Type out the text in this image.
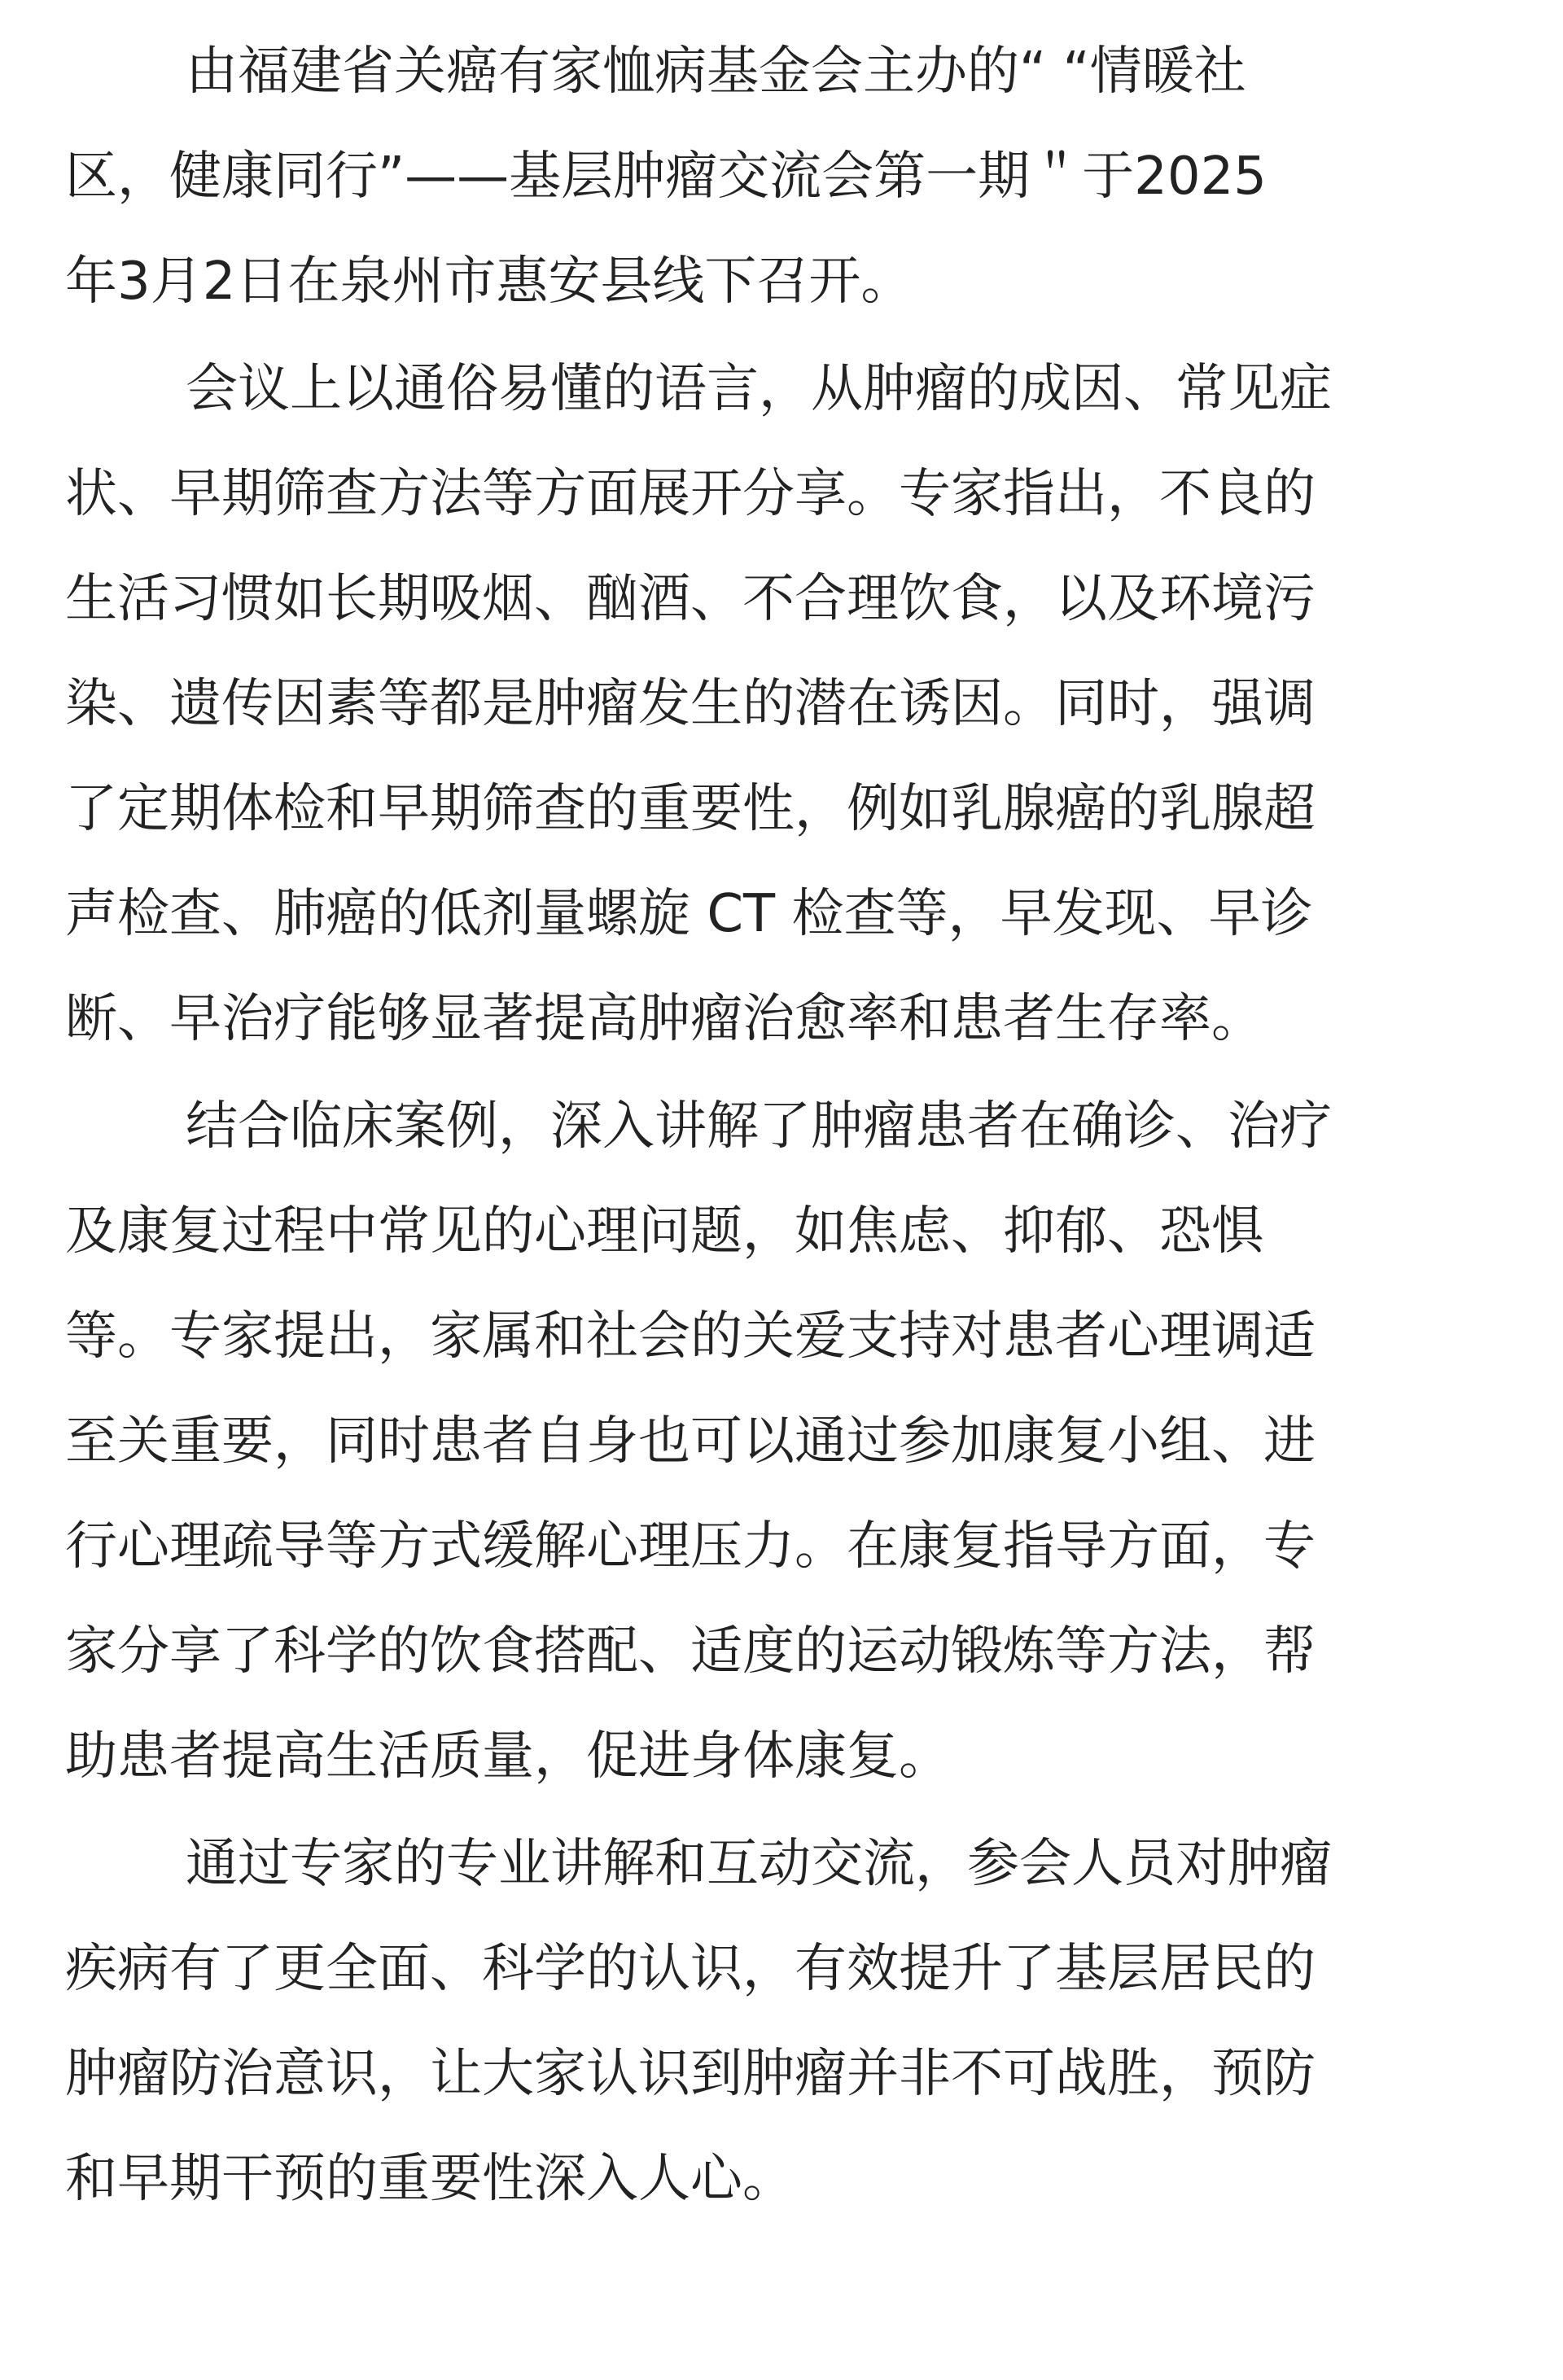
由福建省关癌有家恤病基金会主办的“ “情暖社
区，健康同行”——基层肿瘤交流会第一期＂于2025
年3月2日在泉州市惠安县线下召开。

会议上以通俗易懂的语言，从肿瘤的成因、常见症
状、早期筛查方法等方面展开分享。专家指出，不良的
生活习惯如长期吸烟、酗酒、不合理饮食，以及环境污
染、遗传因素等都是肿瘤发生的潜在诱因。同时，强调
了定期体检和早期筛查的重要性，例如乳腺癌的乳腺超
声检查、肺癌的低剂量螺旋 CT 检查等，早发现、早诊
断、早治疗能够显著提高肿瘤治愈率和患者生存率。

结合临床案例，深入讲解了肿瘤患者在确诊、治疗
及康复过程中常见的心理问题，如焦虑、抑郁、恐惧
等。专家提出，家属和社会的关爱支持对患者心理调适
至关重要，同时患者自身也可以通过参加康复小组、进
行心理疏导等方式缓解心理压力。在康复指导方面，专
家分享了科学的饮食搭配、适度的运动锻炼等方法，帮
助患者提高生活质量，促进身体康复。

通过专家的专业讲解和互动交流，参会人员对肿瘤
疾病有了更全面、科学的认识，有效提升了基层居民的
肿瘤防治意识，让大家认识到肿瘤并非不可战胜，预防
和早期干预的重要性深入人心。
